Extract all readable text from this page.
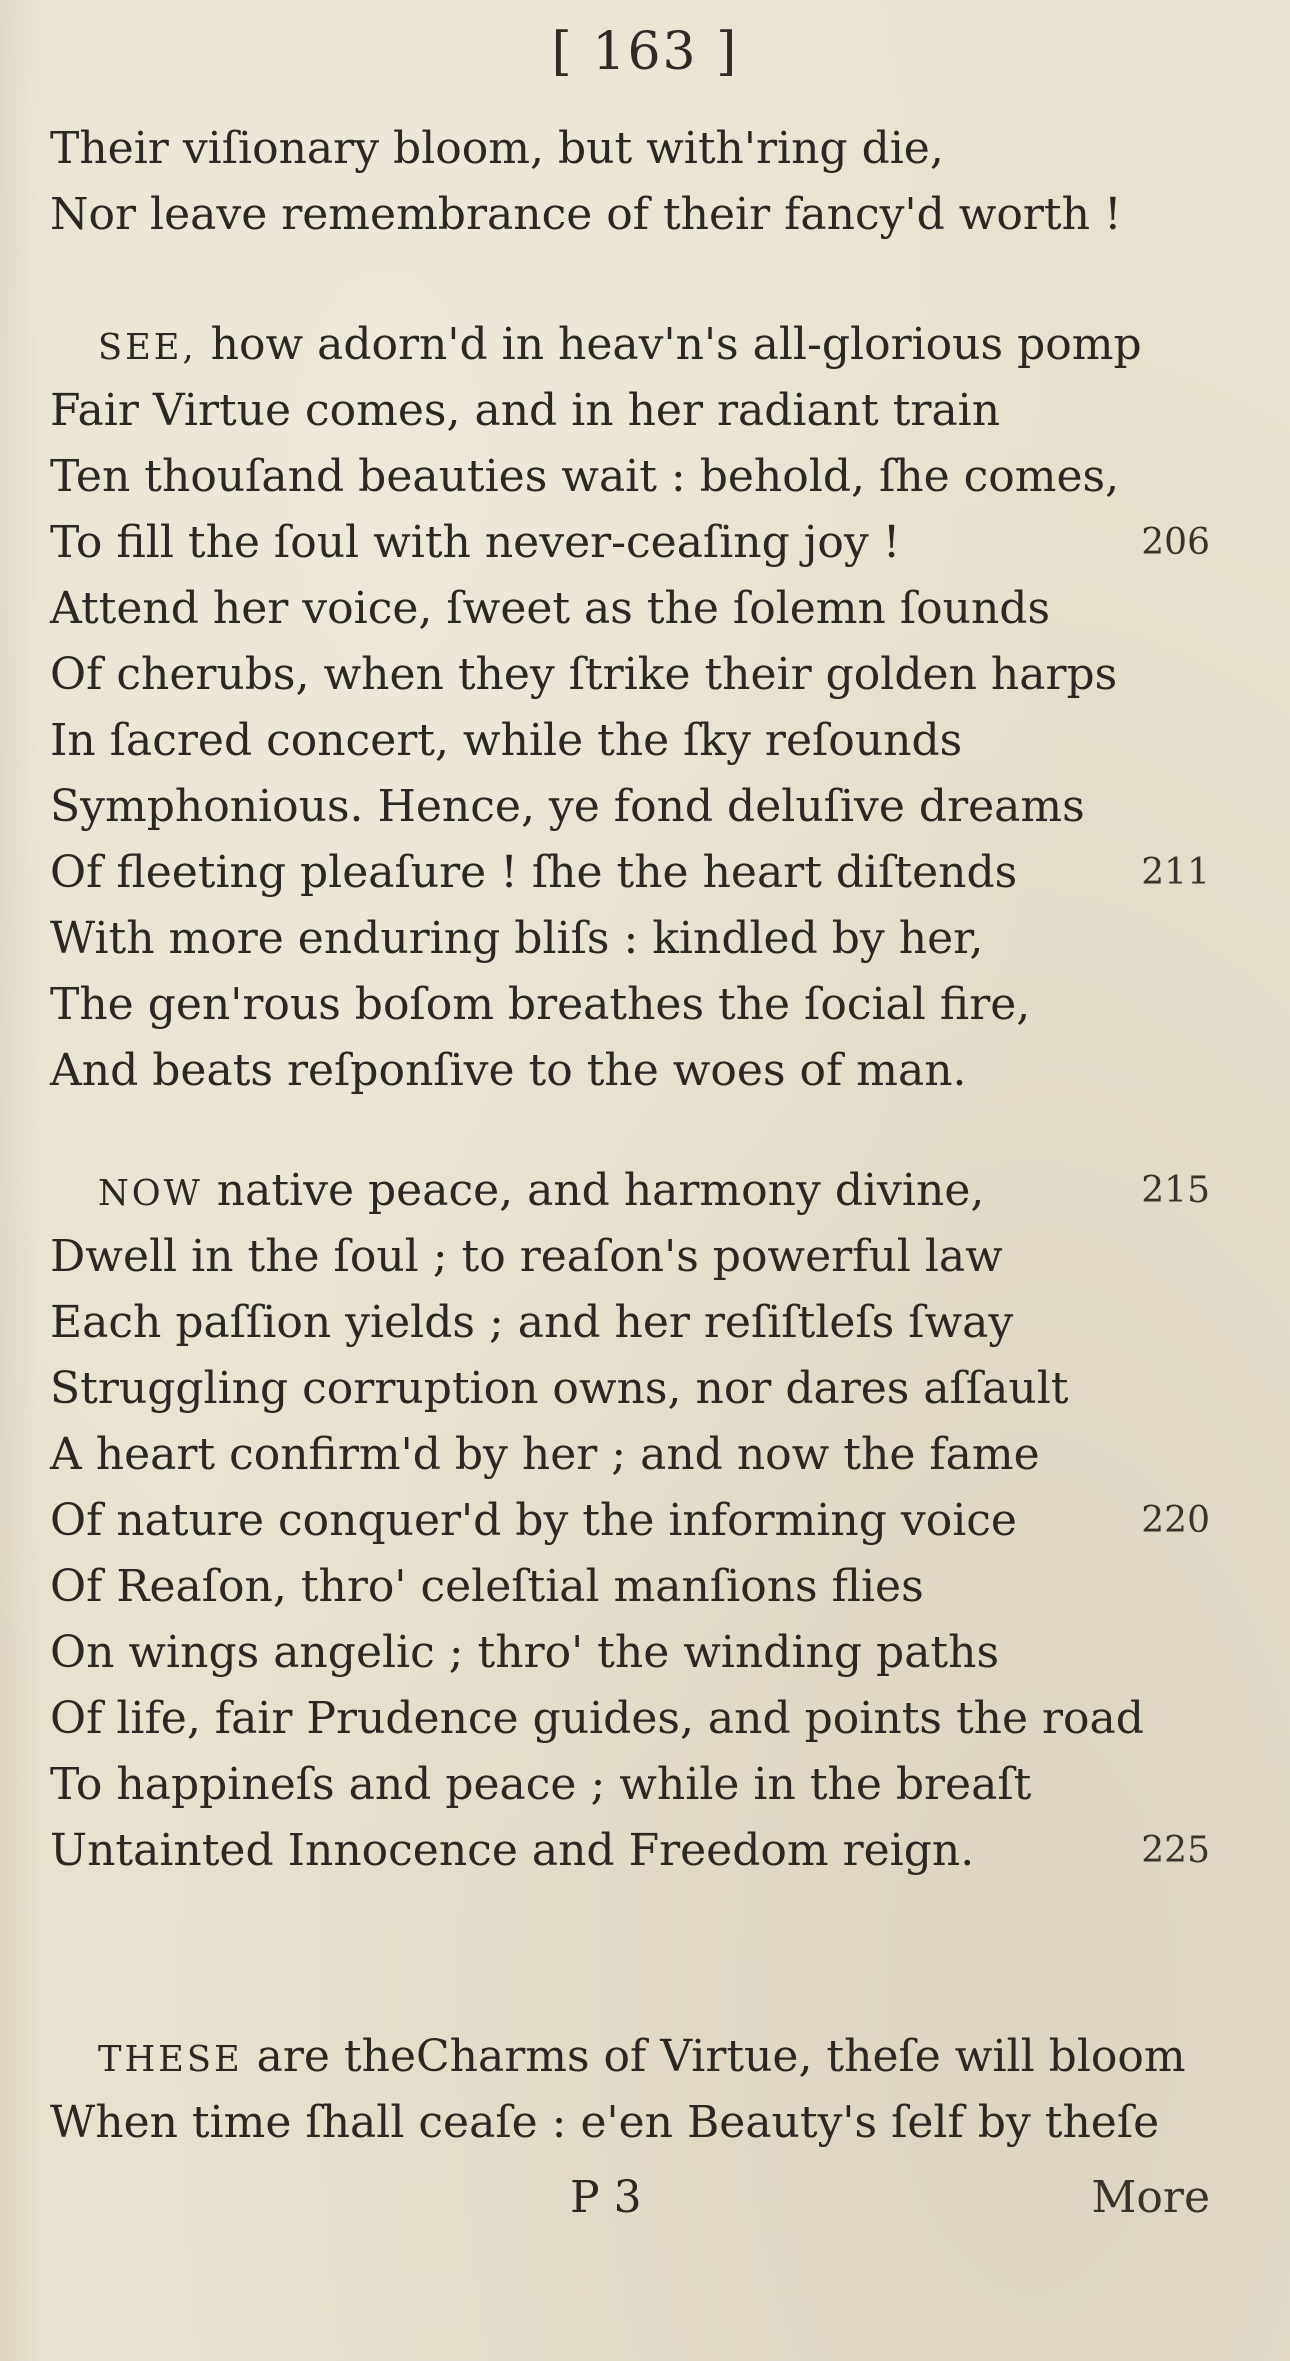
[ 163 ]
Their viſionary bloom, but with'ring die,
Nor leave remembrance of their fancy'd worth !
SEE, how adorn'd in heav'n's all-glorious pomp
Fair Virtue comes, and in her radiant train
Ten thouſand beauties wait : behold, ſhe comes,
To fill the ſoul with never-ceaſing joy !	206
Attend her voice, ſweet as the ſolemn ſounds
Of cherubs, when they ſtrike their golden harps
In ſacred concert, while the ſky reſounds
Symphonious. Hence, ye fond deluſive dreams
Of fleeting pleaſure ! ſhe the heart diſtends	211
With more enduring bliſs : kindled by her,
The gen'rous boſom breathes the ſocial fire,
And beats reſponſive to the woes of man.
NOW native peace, and harmony divine,	215
Dwell in the ſoul ; to reaſon's powerful law
Each paſſion yields ; and her reſiſtleſs ſway
Struggling corruption owns, nor dares aſſault
A heart confirm'd by her ; and now the fame
Of nature conquer'd by the informing voice	220
Of Reaſon, thro' celeſtial manſions flies
On wings angelic ; thro' the winding paths
Of life, fair Prudence guides, and points the road
To happineſs and peace ; while in the breaſt
Untainted Innocence and Freedom reign.	225
THESE are theCharms of Virtue, theſe will bloom
When time ſhall ceaſe : e'en Beauty's ſelf by theſe
P 3	More
